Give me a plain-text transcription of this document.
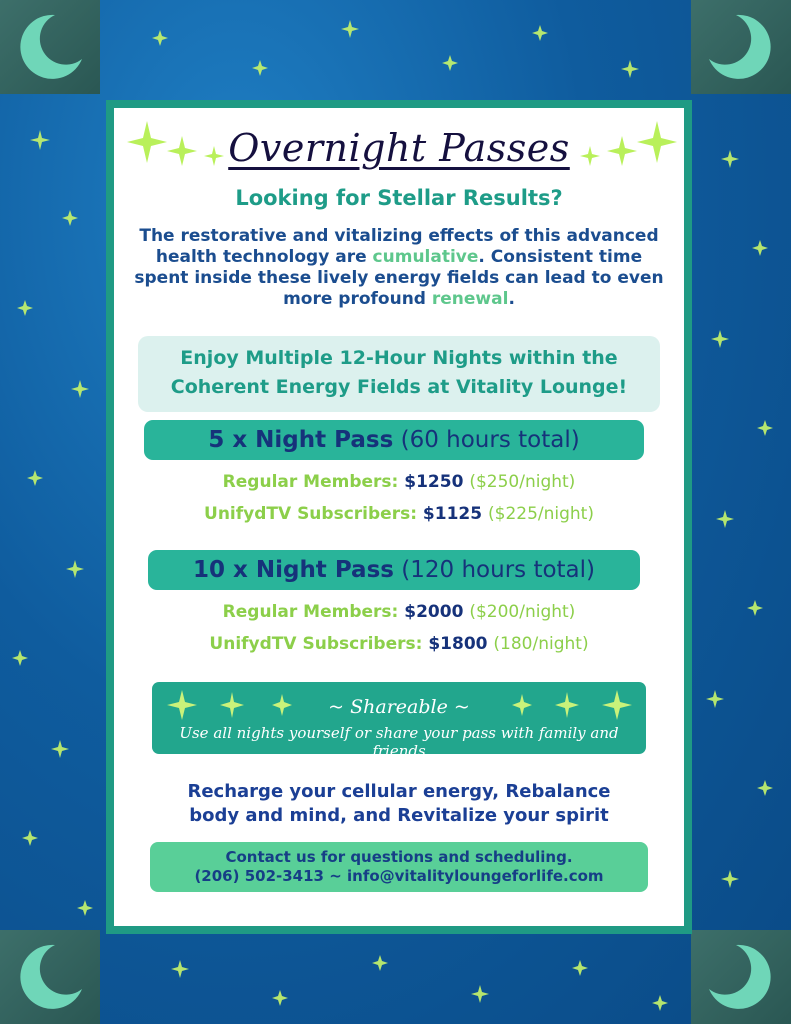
Overnight Passes
Looking for Stellar Results?
The restorative and vitalizing effects of this advanced health technology are cumulative. Consistent time spent inside these lively energy fields can lead to even more profound renewal.
Enjoy Multiple 12-Hour Nights within the
Coherent Energy Fields at Vitality Lounge!
5 x Night Pass (60 hours total)
Regular Members: $1250 ($250/night)
UnifydTV Subscribers: $1125 ($225/night)
10 x Night Pass (120 hours total)
Regular Members: $2000 ($200/night)
UnifydTV Subscribers: $1800 (180/night)
~ Shareable ~
Use all nights yourself or share your pass with family and friends
Recharge your cellular energy, Rebalance
body and mind, and Revitalize your spirit
Contact us for questions and scheduling.
(206) 502-3413 ~ info@vitalityloungeforlife.com
